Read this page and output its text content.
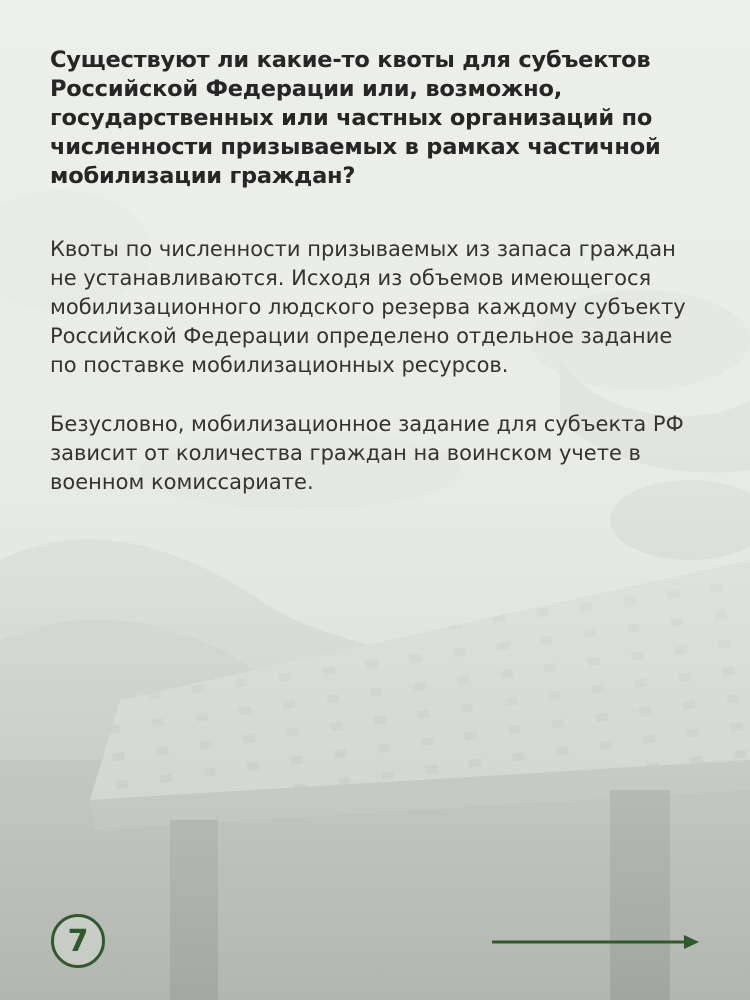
Существуют ли какие-то квоты для субъектов Российской Федерации или, возможно, государственных или частных организаций по численности призываемых в рамках частичной мобилизации граждан?

Квоты по численности призываемых из запаса граждан не устанавливаются. Исходя из объемов имеющегося мобилизационного людского резерва каждому субъекту Российской Федерации определено отдельное задание по поставке мобилизационных ресурсов.

Безусловно, мобилизационное задание для субъекта РФ зависит от количества граждан на воинском учете в военном комиссариате.

7
